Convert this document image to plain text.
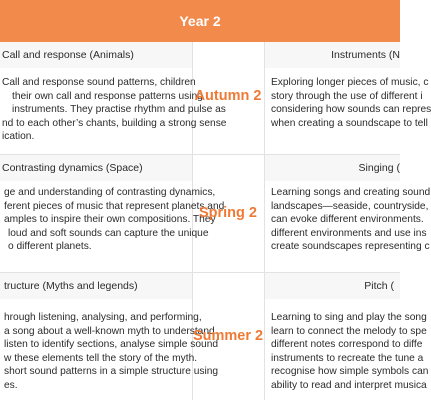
Year 2
Call and response (Animals)
Call and response sound patterns, children
their own call and response patterns using
instruments. They practise rhythm and pulse as
nd to each other’s chants, building a strong sense
ication.
Autumn 2
Instruments (N
Exploring longer pieces of music, c
story through the use of different i
considering how sounds can repres
when creating a soundscape to tell
Contrasting dynamics (Space)
ge and understanding of contrasting dynamics,
ferent pieces of music that represent planets and
amples to inspire their own compositions. They
loud and soft sounds can capture the unique
o different planets.
Spring 2
Singing (
Learning songs and creating sound
landscapes—seaside, countryside,
can evoke different environments.
different environments and use ins
create soundscapes representing c
tructure (Myths and legends)
hrough listening, analysing, and performing,
a song about a well-known myth to understand
listen to identify sections, analyse simple sound
w these elements tell the story of the myth.
short sound patterns in a simple structure using
es.
Summer 2
Pitch (
Learning to sing and play the song
learn to connect the melody to spe
different notes correspond to diffe
instruments to recreate the tune a
recognise how simple symbols can
ability to read and interpret musica
